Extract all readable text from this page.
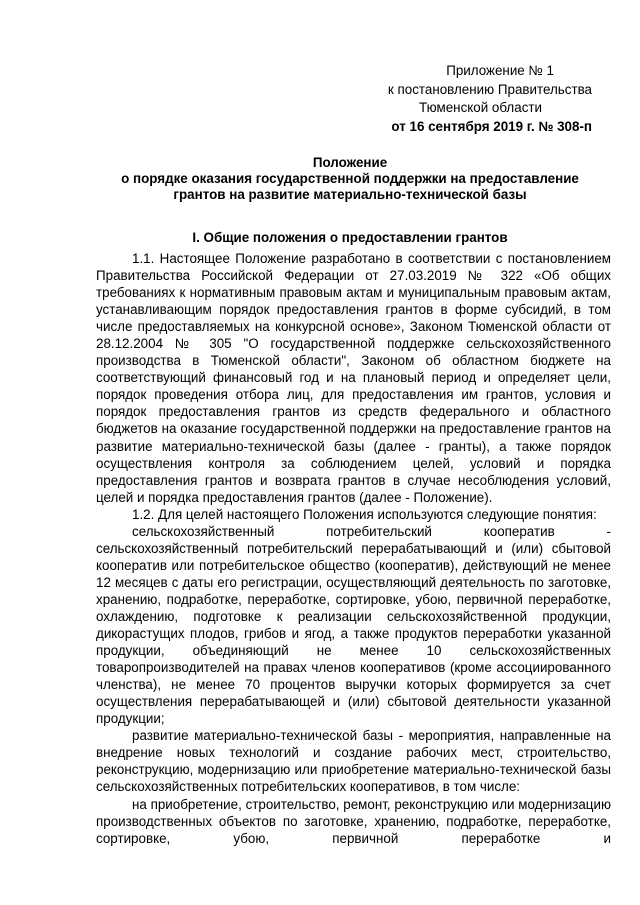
Приложение № 1
к постановлению Правительства
Тюменской области
от 16 сентября 2019 г. № 308-п
Положение
о порядке оказания государственной поддержки на предоставление
грантов на развитие материально-технической базы
I. Общие положения о предоставлении грантов

1.1. Настоящее Положение разработано в соответствии с постановлением Правительства Российской Федерации от 27.03.2019 № 322 «Об общих требованиях к нормативным правовым актам и муниципальным правовым актам, устанавливающим порядок предоставления грантов в форме субсидий, в том числе предоставляемых на конкурсной основе», Законом Тюменской области от 28.12.2004 № 305 "О государственной поддержке сельскохозяйственного производства в Тюменской области", Законом об областном бюджете на соответствующий финансовый год и на плановый период и определяет цели, порядок проведения отбора лиц, для предоставления им грантов, условия и порядок предоставления грантов из средств федерального и областного бюджетов на оказание государственной поддержки на предоставление грантов на развитие материально-технической базы (далее - гранты), а также порядок осуществления контроля за соблюдением целей, условий и порядка предоставления грантов и возврата грантов в случае несоблюдения условий, целей и порядка предоставления грантов (далее - Положение).

1.2. Для целей настоящего Положения используются следующие понятия:

сельскохозяйственный потребительский кооператив - сельскохозяйственный потребительский перерабатывающий и (или) сбытовой кооператив или потребительское общество (кооператив), действующий не менее 12 месяцев с даты его регистрации, осуществляющий деятельность по заготовке, хранению, подработке, переработке, сортировке, убою, первичной переработке, охлаждению, подготовке к реализации сельскохозяйственной продукции, дикорастущих плодов, грибов и ягод, а также продуктов переработки указанной продукции, объединяющий не менее 10 сельскохозяйственных товаропроизводителей на правах членов кооперативов (кроме ассоциированного членства), не менее 70 процентов выручки которых формируется за счет осуществления перерабатывающей и (или) сбытовой деятельности указанной продукции;

развитие материально-технической базы - мероприятия, направленные на внедрение новых технологий и создание рабочих мест, строительство, реконструкцию, модернизацию или приобретение материально-технической базы сельскохозяйственных потребительских кооперативов, в том числе:

на приобретение, строительство, ремонт, реконструкцию или модернизацию производственных объектов по заготовке, хранению, подработке, переработке, сортировке, убою, первичной переработке и
